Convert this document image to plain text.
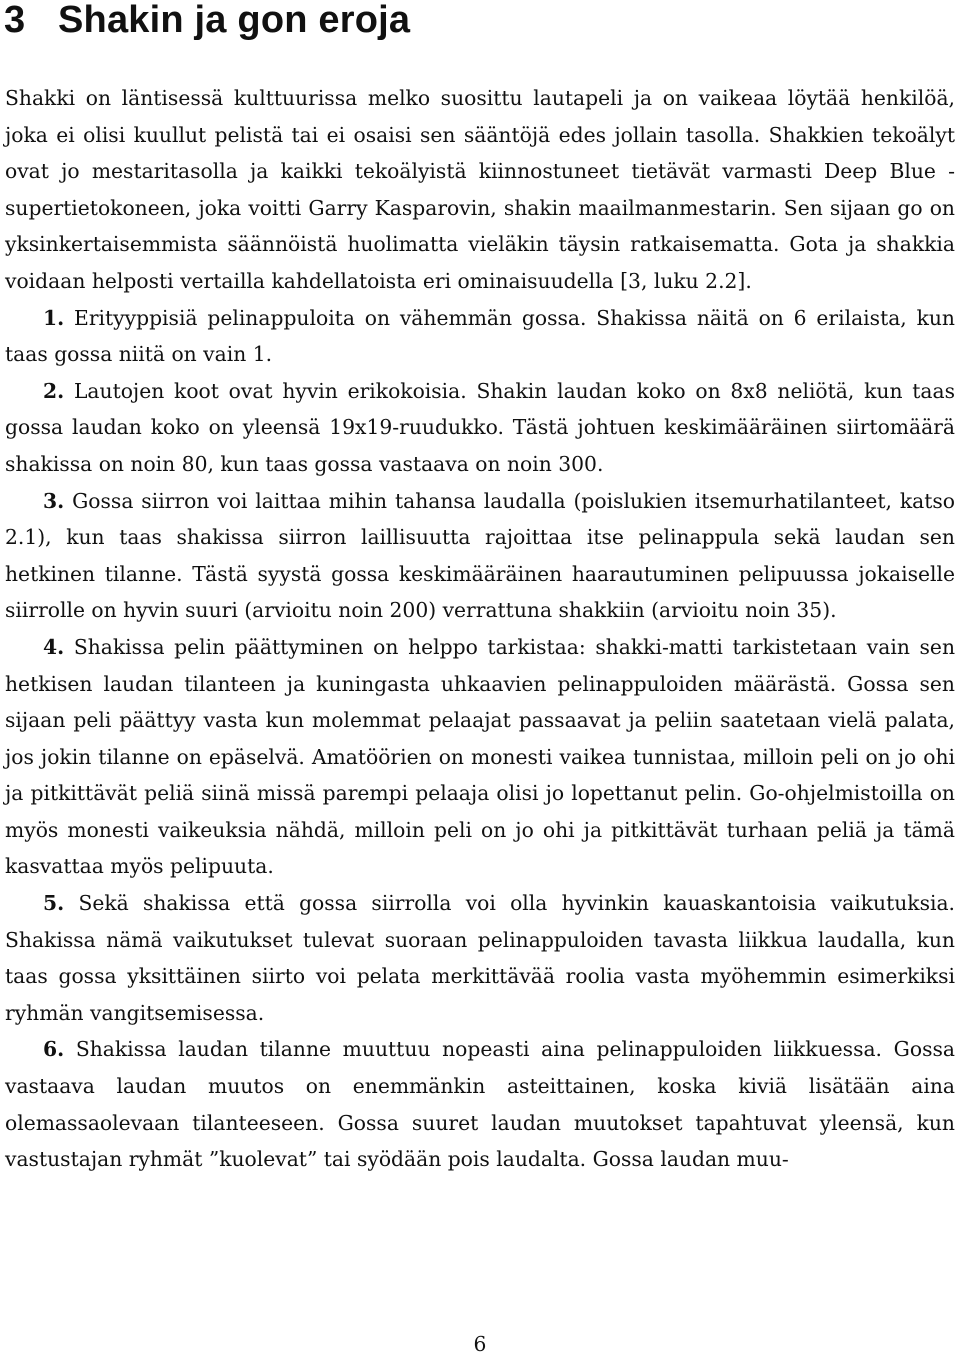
3 Shakin ja gon eroja

Shakki on läntisessä kulttuurissa melko suosittu lautapeli ja on vaikeaa löytää henkilöä, joka ei olisi kuullut pelistä tai ei osaisi sen sääntöjä edes jollain tasolla. Shakkien tekoälyt ovat jo mestaritasolla ja kaikki tekoälyistä kiinnostuneet tietävät varmasti Deep Blue -supertietokoneen, joka voitti Garry Kasparovin, shakin maailmanmestarin. Sen sijaan go on yksinkertaisemmista säännöistä huolimatta vieläkin täysin ratkaisematta. Gota ja shakkia voidaan helposti vertailla kahdellatoista eri ominaisuudella [3, luku 2.2].

1. Erityyppisiä pelinappuloita on vähemmän gossa. Shakissa näitä on 6 erilaista, kun taas gossa niitä on vain 1.

2. Lautojen koot ovat hyvin erikokoisia. Shakin laudan koko on 8x8 neliötä, kun taas gossa laudan koko on yleensä 19x19-ruudukko. Tästä johtuen keskimääräinen siirtomäärä shakissa on noin 80, kun taas gossa vastaava on noin 300.

3. Gossa siirron voi laittaa mihin tahansa laudalla (poislukien itsemurhatilanteet, katso 2.1), kun taas shakissa siirron laillisuutta rajoittaa itse pelinappula sekä laudan sen hetkinen tilanne. Tästä syystä gossa keskimääräinen haarautuminen pelipuussa jokaiselle siirrolle on hyvin suuri (arvioitu noin 200) verrattuna shakkiin (arvioitu noin 35).

4. Shakissa pelin päättyminen on helppo tarkistaa: shakki-matti tarkistetaan vain sen hetkisen laudan tilanteen ja kuningasta uhkaavien pelinappuloiden määrästä. Gossa sen sijaan peli päättyy vasta kun molemmat pelaajat passaavat ja peliin saatetaan vielä palata, jos jokin tilanne on epäselvä. Amatöörien on monesti vaikea tunnistaa, milloin peli on jo ohi ja pitkittävät peliä siinä missä parempi pelaaja olisi jo lopettanut pelin. Go-ohjelmistoilla on myös monesti vaikeuksia nähdä, milloin peli on jo ohi ja pitkittävät turhaan peliä ja tämä kasvattaa myös pelipuuta.

5. Sekä shakissa että gossa siirrolla voi olla hyvinkin kauaskantoisia vaikutuksia. Shakissa nämä vaikutukset tulevat suoraan pelinappuloiden tavasta liikkua laudalla, kun taas gossa yksittäinen siirto voi pelata merkittävää roolia vasta myöhemmin esimerkiksi ryhmän vangitsemisessa.

6. Shakissa laudan tilanne muuttuu nopeasti aina pelinappuloiden liikkuessa. Gossa vastaava laudan muutos on enemmänkin asteittainen, koska kiviä lisätään aina olemassaolevaan tilanteeseen. Gossa suuret laudan muutokset tapahtuvat yleensä, kun vastustajan ryhmät ”kuolevat” tai syödään pois laudalta. Gossa laudan muu-

6
